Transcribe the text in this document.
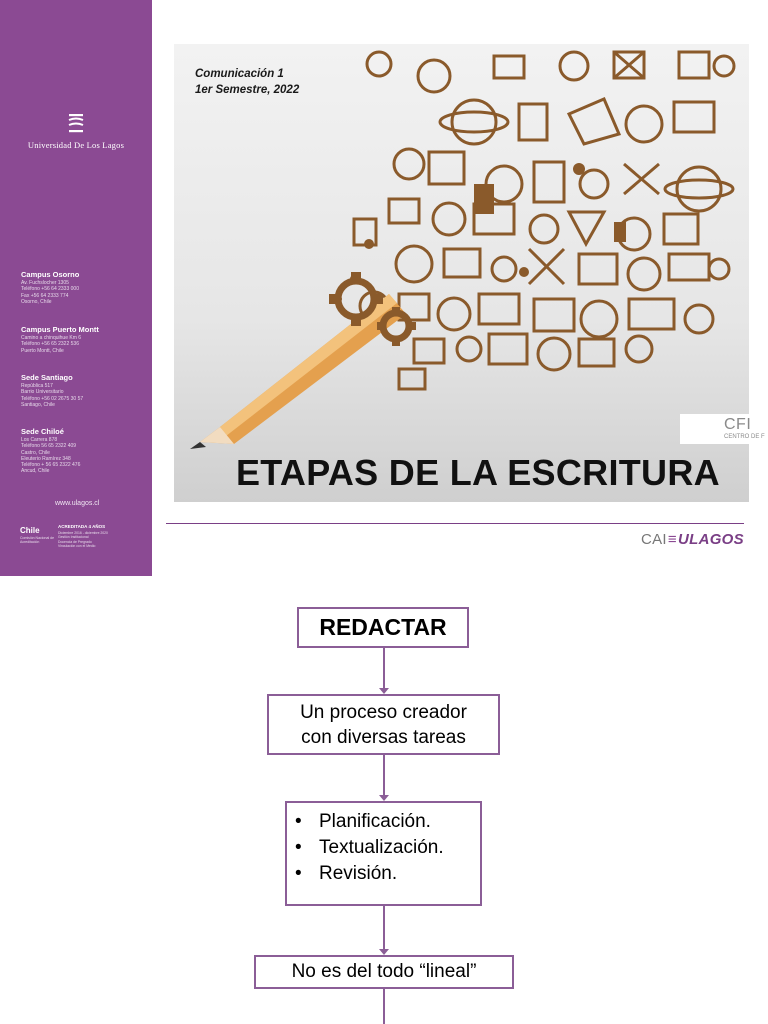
Universidad De Los Lagos
Campus Osorno
Av. Fuchslocher 1305
Teléfono +56 64 2333 000
Fax +56 64 2333 774
Osorno, Chile
Campus Puerto Montt
Camino a chinquihue Km 6
Teléfono +56 65 2322 536
Puerto Montt, Chile
Sede Santiago
República 517
Barrio Universitario
Teléfono +56 02 2675 30 57
Santiago, Chile
Sede Chiloé
Los Carrera 878
Teléfono 56 65 2322 409
Castro, Chile
Eleuterio Ramírez 348
Teléfono + 56 65 2322 476
Ancud, Chile
www.ulagos.cl
Chile
Comisión Nacional de Acreditación
ACREDITADA 4 AÑOS
Diciembre 2016 - diciembre 2020
Gestión Institucional
Docencia de Pregrado
Vinculación con el Medio
Comunicación 1
1er Semestre, 2022
ETAPAS DE LA ESCRITURA
CFI
CENTRO DE F
CAI≡ULAGOS
REDACTAR
Un proceso creador
con diversas tareas
• Planificación.
• Textualización.
• Revisión.
No es del todo “lineal”
